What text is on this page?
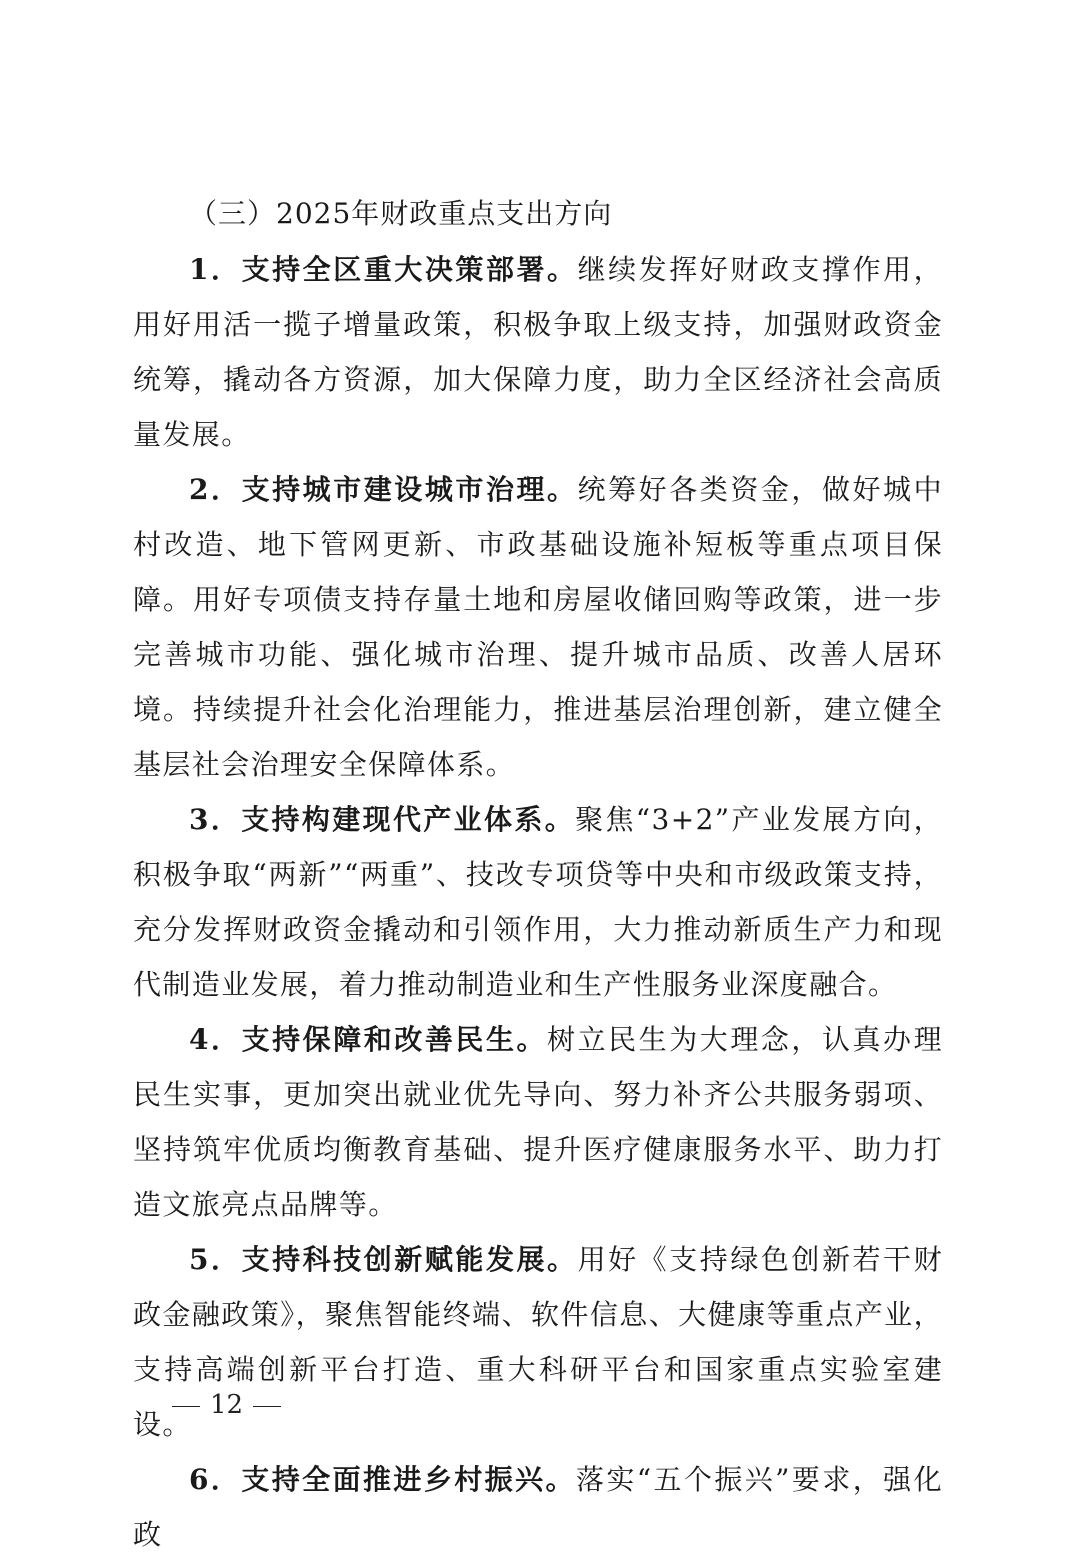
（三）2025年财政重点支出方向

1．支持全区重大决策部署。继续发挥好财政支撑作用，用好用活一揽子增量政策，积极争取上级支持，加强财政资金统筹，撬动各方资源，加大保障力度，助力全区经济社会高质量发展。

2．支持城市建设城市治理。统筹好各类资金，做好城中村改造、地下管网更新、市政基础设施补短板等重点项目保障。用好专项债支持存量土地和房屋收储回购等政策，进一步完善城市功能、强化城市治理、提升城市品质、改善人居环境。持续提升社会化治理能力，推进基层治理创新，建立健全基层社会治理安全保障体系。

3．支持构建现代产业体系。聚焦“3+2”产业发展方向，积极争取“两新”“两重”、技改专项贷等中央和市级政策支持，充分发挥财政资金撬动和引领作用，大力推动新质生产力和现代制造业发展，着力推动制造业和生产性服务业深度融合。

4．支持保障和改善民生。树立民生为大理念，认真办理民生实事，更加突出就业优先导向、努力补齐公共服务弱项、坚持筑牢优质均衡教育基础、提升医疗健康服务水平、助力打造文旅亮点品牌等。

5．支持科技创新赋能发展。用好《支持绿色创新若干财政金融政策》，聚焦智能终端、软件信息、大健康等重点产业，支持高端创新平台打造、重大科研平台和国家重点实验室建设。

6．支持全面推进乡村振兴。落实“五个振兴”要求，强化政

12
